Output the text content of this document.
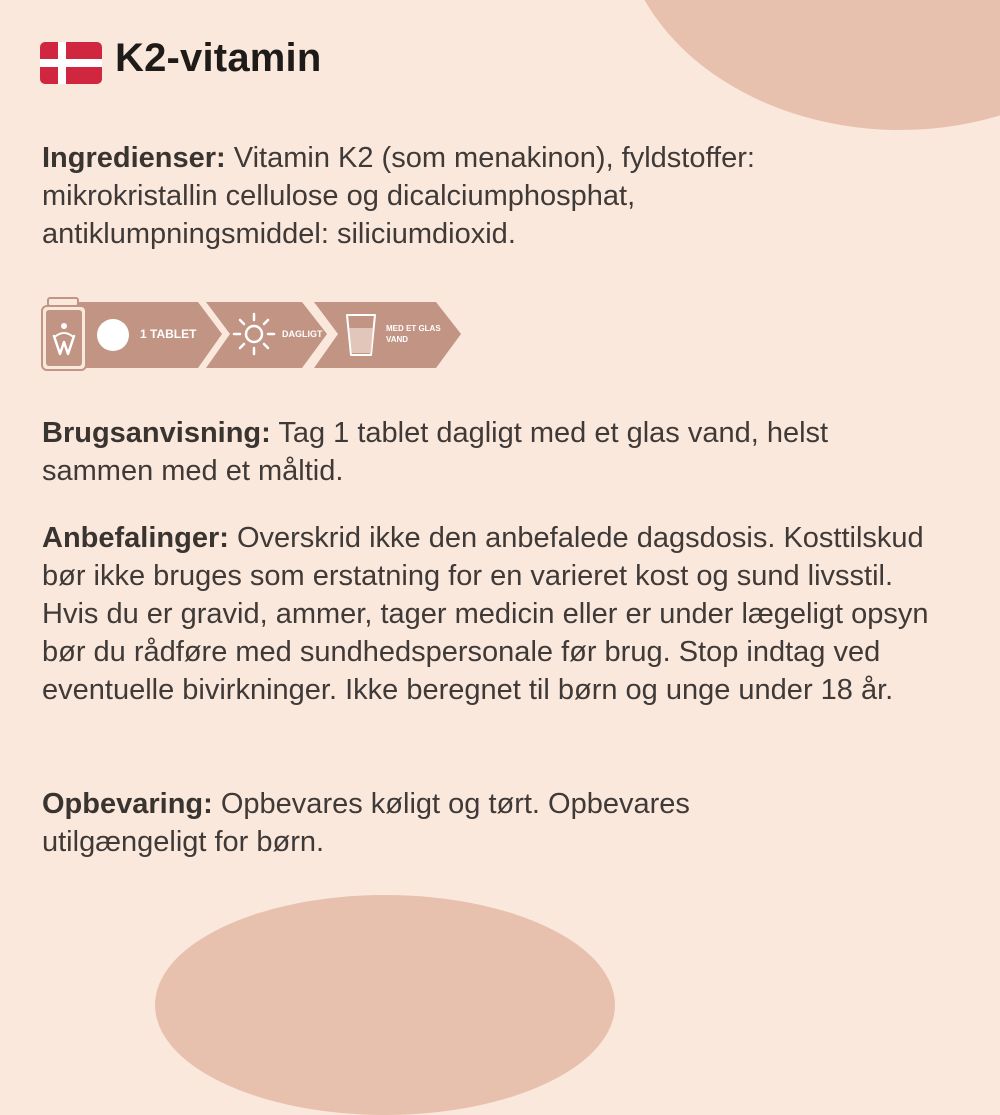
K2-vitamin
Ingredienser: Vitamin K2 (som menakinon), fyldstoffer: mikrokristallin cellulose og dicalciumphosphat, antiklumpningsmiddel: siliciumdioxid.
1 TABLET	DAGLIGT
MED ET GLAS
VAND
Brugsanvisning: Tag 1 tablet dagligt med et glas vand, helst sammen med et måltid.
Anbefalinger: Overskrid ikke den anbefalede dagsdosis. Kosttilskud bør ikke bruges som erstatning for en varieret kost og sund livsstil. Hvis du er gravid, ammer, tager medicin eller er under lægeligt opsyn bør du rådføre med sundhedspersonale før brug. Stop indtag ved eventuelle bivirkninger. Ikke beregnet til børn og unge under 18 år.
Opbevaring: Opbevares køligt og tørt. Opbevares utilgængeligt for børn.
